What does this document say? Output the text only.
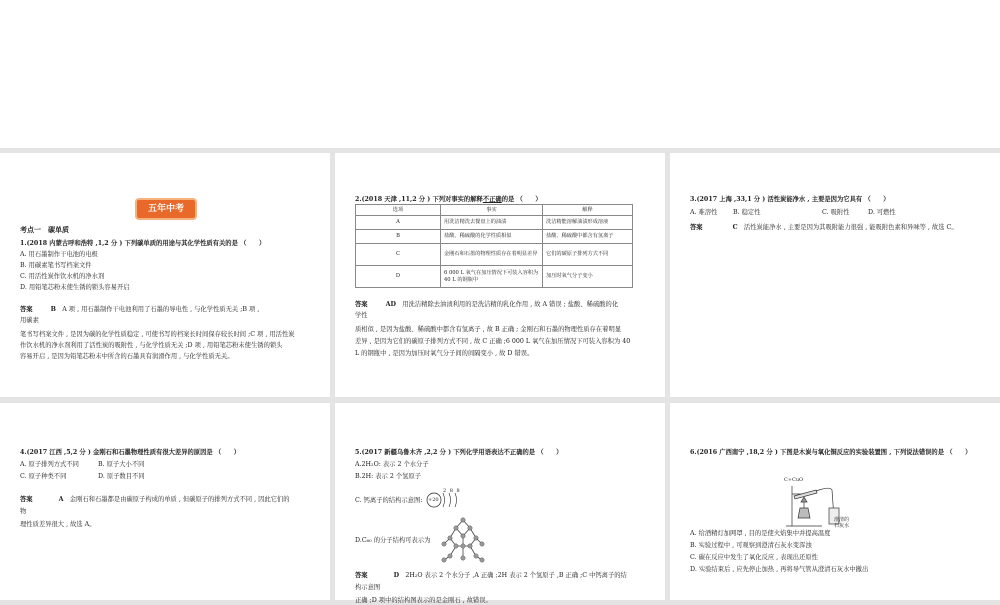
五年中考
考点一　碳单质
1.(2018 内蒙古呼和浩特 ,1,2 分 ) 下列碳单质的用途与其化学性质有关的是 （　　）
A. 用石墨制作干电池的电极
B. 用碳素笔书写档案文件
C. 用活性炭作饮水机的净水剂
D. 用铅笔芯粉末使生锈的锁头容易开启
答案	B　 A 项 , 用石墨制作干电池利用了石墨的导电性 , 与化学性质无关 ;B 项 ,
用碳素
笔书写档案文件 , 是因为碳的化学性质稳定 , 可使书写的档案长时间保存较长时间 ;C 项 , 用活性炭
作饮水机的净水剂利用了活性炭的吸附性 , 与化学性质无关 ;D 项 , 用铅笔芯粉末使生锈的锁头
容易开启 , 是因为铅笔芯粉末中所含的石墨具有润滑作用 , 与化学性质无关。
2.(2018 天津 ,11,2 分 ) 下列对事实的解释不正确的是 （　　）
选项	事实	解释
A	用洗洁精洗去餐盘上的油渍	洗洁精能溶解油渍形成溶液
B	盐酸、稀硫酸的化学性质相似	盐酸、稀硫酸中都含有氢离子
C	金刚石和石墨的物理性质存在着明显差异	它们的碳原子排列方式不同
D	6 000 L 氧气在加压情况下可装入容积为 40 L 的钢瓶中	加压时氧气分子变小
答案	AD　 用洗洁精除去油渍利用的是洗洁精的乳化作用 , 故 A 错误 ; 盐酸、稀硫酸的化
学性
质相似 , 是因为盐酸、稀硫酸中都含有氢离子 , 故 B 正确 ; 金刚石和石墨的物理性质存在着明显
差异 , 是因为它们的碳原子排列方式不同 , 故 C 正确 ;6 000 L 氧气在加压情况下可装入容积为 40
L 的钢瓶中 , 是因为加压时氧气分子间的间隔变小 , 故 D 错误。
3.(2017 上海 ,33,1 分 ) 活性炭能净水 , 主要是因为它具有 （　　）
A. 难溶性 B. 稳定性	C. 吸附性	D. 可燃性
答案	C　 活性炭能净水 , 主要是因为其吸附能力很强 , 能吸附色素和异味等 , 故选 C。
4.(2017 江西 ,5,2 分 ) 金刚石和石墨物理性质有很大差异的原因是 （　　）
A. 原子排列方式不同	B. 原子大小不同
C. 原子种类不同	D. 原子数目不同
答案	A　 金刚石和石墨都是由碳原子构成的单质 , 但碳原子的排列方式不同 , 因此它们的
物
理性质差异很大 , 故选 A。
5.(2017 新疆乌鲁木齐 ,2,2 分 ) 下列化学用语表达不正确的是 （　　）
A.2H₂O: 表示 2 个水分子
B.2H: 表示 2 个氢原子
C. 钙离子的结构示意图: +20
2 8 8
D.C₆₀ 的分子结构可表示为
答案	D　 2H₂O 表示 2 个水分子 ,A 正确 ;2H 表示 2 个氢原子 ,B 正确 ;C 中钙离子的结
构示意图
正确 ;D 项中的结构图表示的是金刚石 , 故错误。
6.(2016 广西南宁 ,18,2 分 ) 下图是木炭与氧化铜反应的实验装置图 , 下列说法错误的是 （　　）
C+CuO
澄清的
石灰水
A. 给酒精灯加网罩 , 目的是使火焰集中并提高温度
B. 实验过程中 , 可观察到澄清石灰水变浑浊
C. 碳在反应中发生了氧化反应 , 表现出还原性
D. 实验结束后 , 应先停止加热 , 再将导气管从澄清石灰水中撤出
